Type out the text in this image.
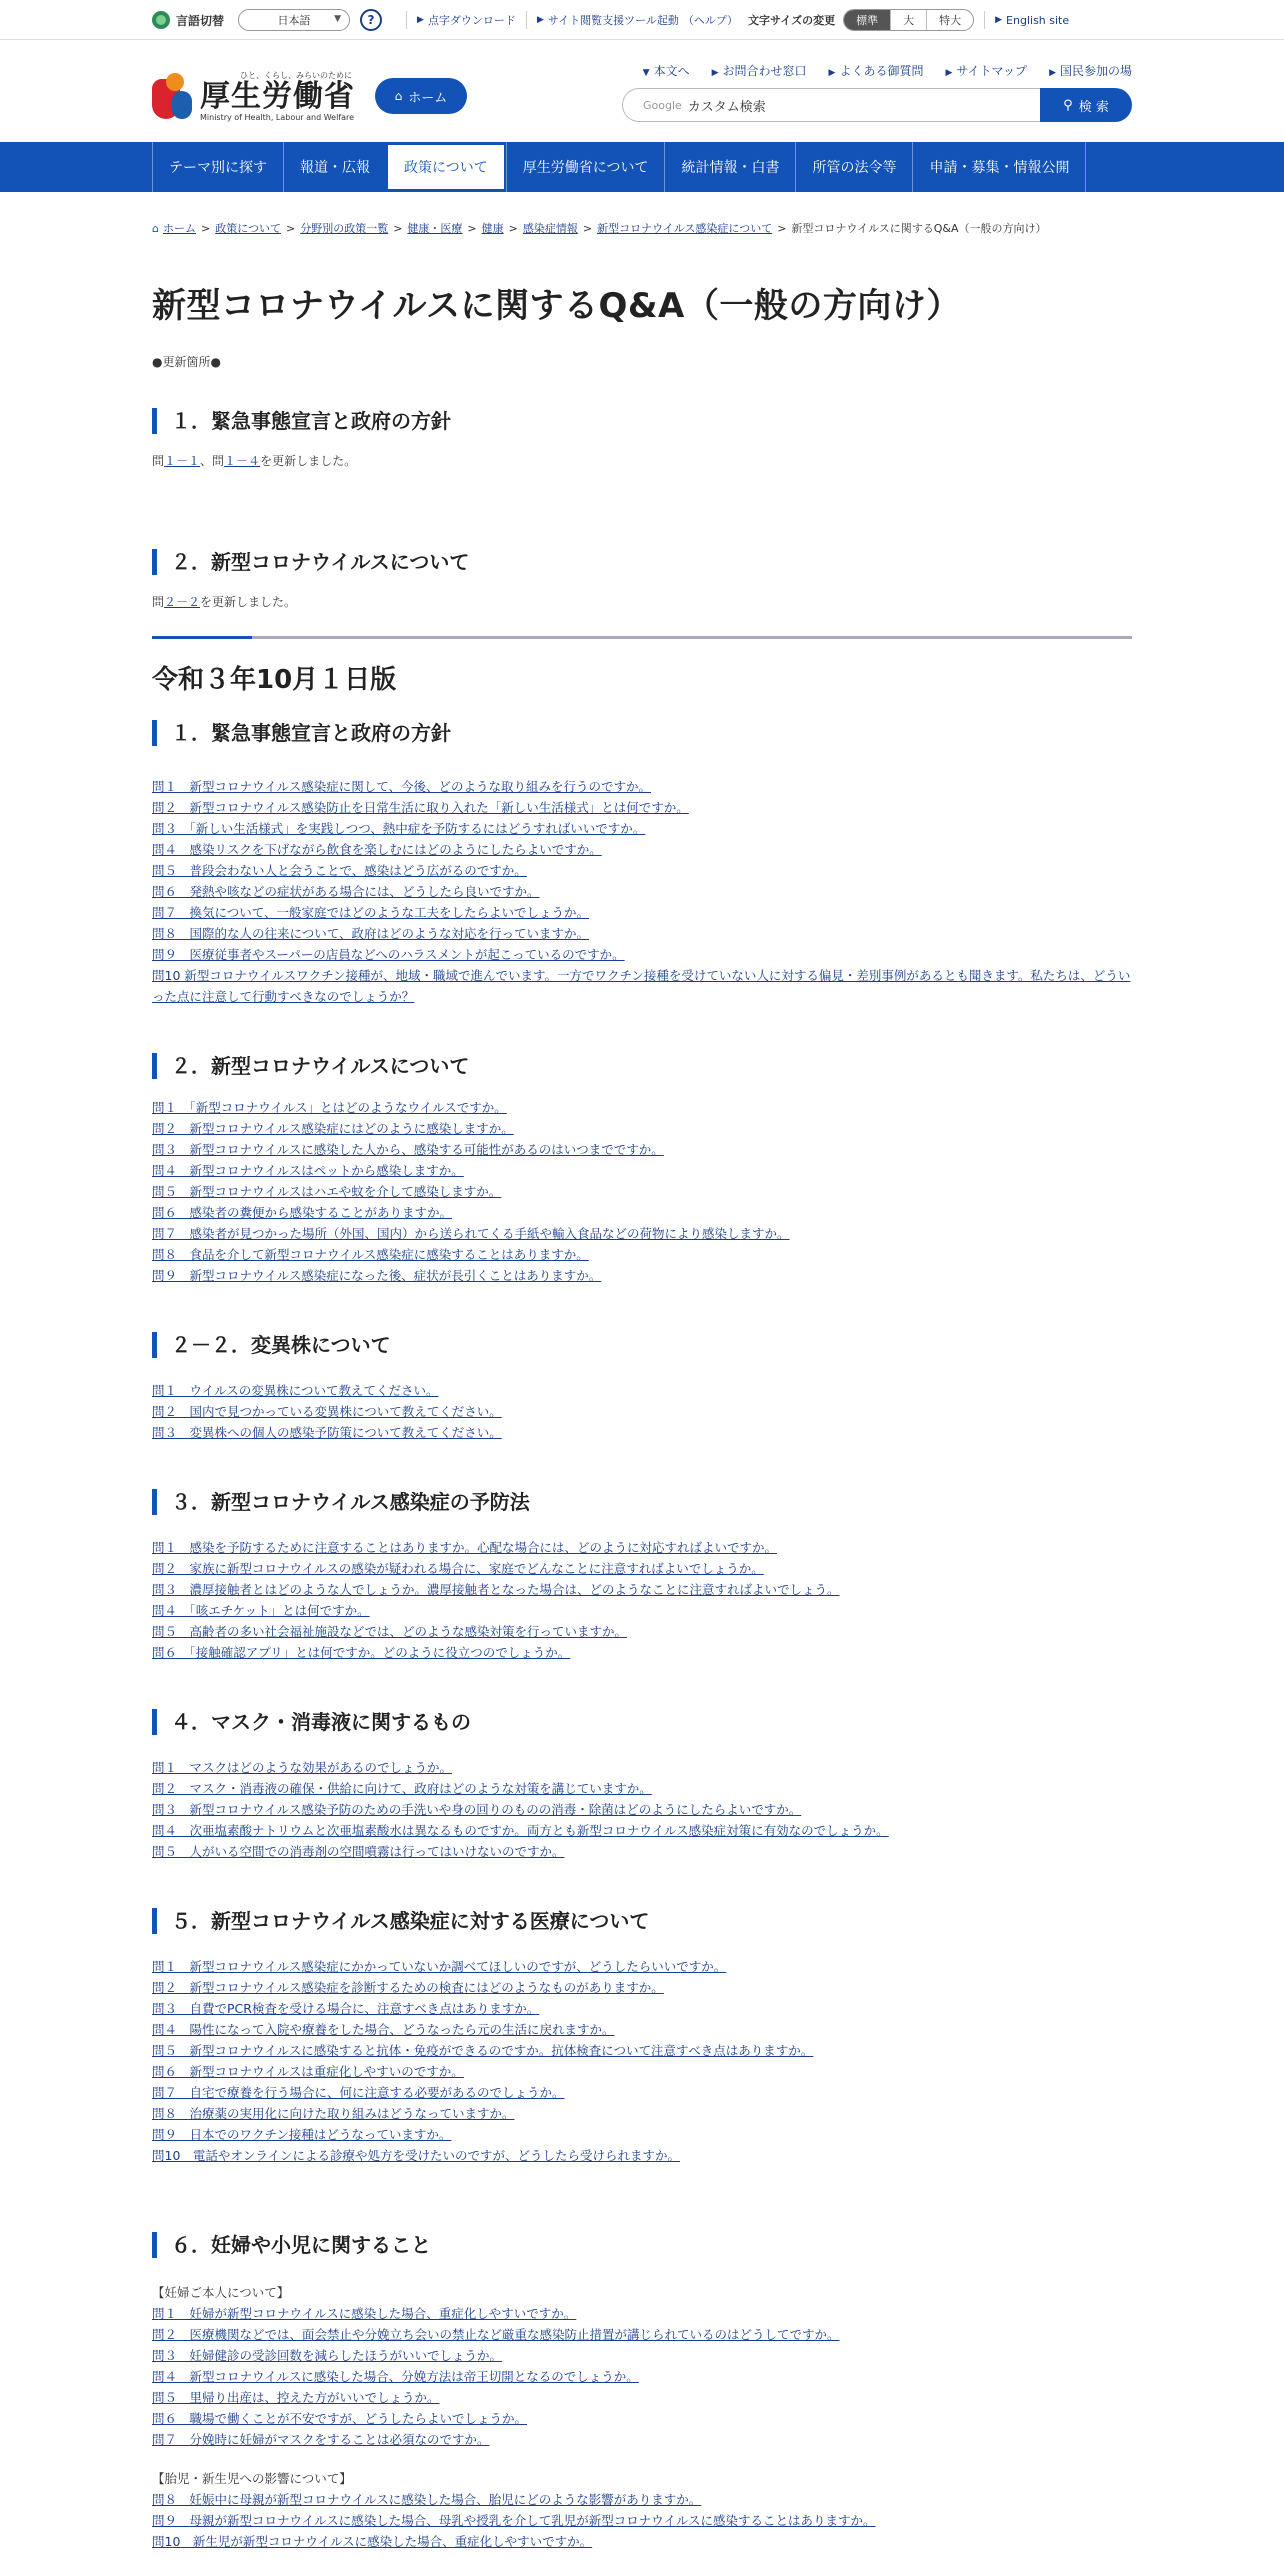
言語切替	日本語	▼	?	▶ 点字ダウンロード ▶ サイト閲覧支援ツール起動 （ヘルプ） 文字サイズの変更	標準	大	特大	▶ English site
ひと、くらし、みらいのために
厚生労働省
Ministry of Health, Labour and Welfare
⌂ ホーム
▼ 本文へ ▶ お問合わせ窓口 ▶ よくある御質問 ▶ サイトマップ ▶ 国民参加の場
Google カスタム検索	⚲ 検 索
テーマ別に探す	報道・広報	政策について	厚生労働省について	統計情報・白書	所管の法令等	申請・募集・情報公開
⌂ ホーム > 政策について > 分野別の政策一覧 > 健康・医療 > 健康 > 感染症情報 > 新型コロナウイルス感染症について > 新型コロナウイルスに関するQ&A（一般の方向け）
新型コロナウイルスに関するQ&A（一般の方向け）
●更新箇所●
１．緊急事態宣言と政府の方針
問１－１、問１－４を更新しました。
２．新型コロナウイルスについて
問２－２を更新しました。
令和３年10月１日版
１．緊急事態宣言と政府の方針
問１　新型コロナウイルス感染症に関して、今後、どのような取り組みを行うのですか。
問２　新型コロナウイルス感染防止を日常生活に取り入れた「新しい生活様式」とは何ですか。
問３　「新しい生活様式」を実践しつつ、熱中症を予防するにはどうすればいいですか。
問４　感染リスクを下げながら飲食を楽しむにはどのようにしたらよいですか。
問５　普段会わない人と会うことで、感染はどう広がるのですか。
問６　発熱や咳などの症状がある場合には、どうしたら良いですか。
問７　換気について、一般家庭ではどのような工夫をしたらよいでしょうか。
問８　国際的な人の往来について、政府はどのような対応を行っていますか。
問９　医療従事者やスーパーの店員などへのハラスメントが起こっているのですか。
問10 新型コロナウイルスワクチン接種が、地域・職域で進んでいます。一方でワクチン接種を受けていない人に対する偏見・差別事例があるとも聞きます。私たちは、どういった点に注意して行動すべきなのでしょうか？
２．新型コロナウイルスについて
問１　「新型コロナウイルス」とはどのようなウイルスですか。
問２　新型コロナウイルス感染症にはどのように感染しますか。
問３　新型コロナウイルスに感染した人から、感染する可能性があるのはいつまでですか。
問４　新型コロナウイルスはペットから感染しますか。
問５　新型コロナウイルスはハエや蚊を介して感染しますか。
問６　感染者の糞便から感染することがありますか。
問７　感染者が見つかった場所（外国、国内）から送られてくる手紙や輸入食品などの荷物により感染しますか。
問８　食品を介して新型コロナウイルス感染症に感染することはありますか。
問９　新型コロナウイルス感染症になった後、症状が長引くことはありますか。
２－２．変異株について
問１　ウイルスの変異株について教えてください。
問２　国内で見つかっている変異株について教えてください。
問３　変異株への個人の感染予防策について教えてください。
３．新型コロナウイルス感染症の予防法
問１　感染を予防するために注意することはありますか。心配な場合には、どのように対応すればよいですか。
問２　家族に新型コロナウイルスの感染が疑われる場合に、家庭でどんなことに注意すればよいでしょうか。
問３　濃厚接触者とはどのような人でしょうか。濃厚接触者となった場合は、どのようなことに注意すればよいでしょう。
問４　「咳エチケット」とは何ですか。
問５　高齢者の多い社会福祉施設などでは、どのような感染対策を行っていますか。
問６　「接触確認アプリ」とは何ですか。どのように役立つのでしょうか。
４．マスク・消毒液に関するもの
問１　マスクはどのような効果があるのでしょうか。
問２　マスク・消毒液の確保・供給に向けて、政府はどのような対策を講じていますか。
問３　新型コロナウイルス感染予防のための手洗いや身の回りのものの消毒・除菌はどのようにしたらよいですか。
問４　次亜塩素酸ナトリウムと次亜塩素酸水は異なるものですか。両方とも新型コロナウイルス感染症対策に有効なのでしょうか。
問５　人がいる空間での消毒剤の空間噴霧は行ってはいけないのですか。
５．新型コロナウイルス感染症に対する医療について
問１　新型コロナウイルス感染症にかかっていないか調べてほしいのですが、どうしたらいいですか。
問２　新型コロナウイルス感染症を診断するための検査にはどのようなものがありますか。
問３　自費でPCR検査を受ける場合に、注意すべき点はありますか。
問４　陽性になって入院や療養をした場合、どうなったら元の生活に戻れますか。
問５　新型コロナウイルスに感染すると抗体・免疫ができるのですか。抗体検査について注意すべき点はありますか。
問６　新型コロナウイルスは重症化しやすいのですか。
問７　自宅で療養を行う場合に、何に注意する必要があるのでしょうか。
問８　治療薬の実用化に向けた取り組みはどうなっていますか。
問９　日本でのワクチン接種はどうなっていますか。
問10　電話やオンラインによる診療や処方を受けたいのですが、どうしたら受けられますか。
６．妊婦や小児に関すること
【妊婦ご本人について】
問１　妊婦が新型コロナウイルスに感染した場合、重症化しやすいですか。
問２　医療機関などでは、面会禁止や分娩立ち会いの禁止など厳重な感染防止措置が講じられているのはどうしてですか。
問３　妊婦健診の受診回数を減らしたほうがいいでしょうか。
問４　新型コロナウイルスに感染した場合、分娩方法は帝王切開となるのでしょうか。
問５　里帰り出産は、控えた方がいいでしょうか。
問６　職場で働くことが不安ですが、どうしたらよいでしょうか。
問７　分娩時に妊婦がマスクをすることは必須なのですか。
【胎児・新生児への影響について】
問８　妊娠中に母親が新型コロナウイルスに感染した場合、胎児にどのような影響がありますか。
問９　母親が新型コロナウイルスに感染した場合、母乳や授乳を介して乳児が新型コロナウイルスに感染することはありますか。
問10　新生児が新型コロナウイルスに感染した場合、重症化しやすいですか。
